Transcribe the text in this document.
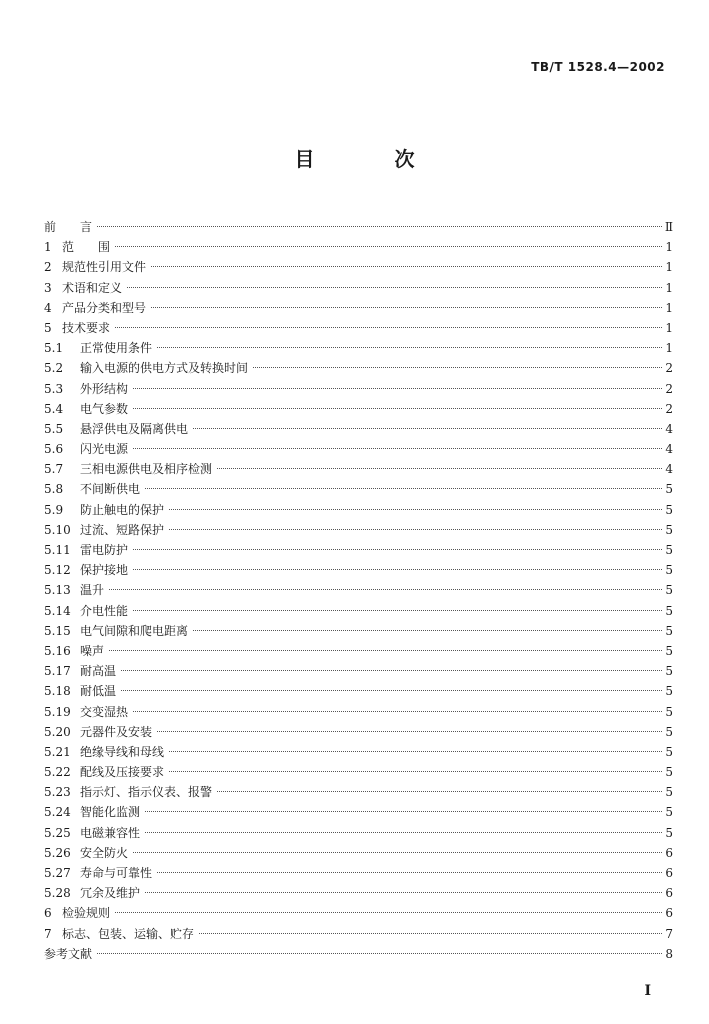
TB/T 1528.4—2002
目　次
前　　言	Ⅱ
1 范　　围	1
2 规范性引用文件	1
3 术语和定义	1
4 产品分类和型号	1
5 技术要求	1
5.1	正常使用条件	1
5.2	输入电源的供电方式及转换时间	2
5.3	外形结构	2
5.4	电气参数	2
5.5	悬浮供电及隔离供电	4
5.6	闪光电源	4
5.7	三相电源供电及相序检测	4
5.8	不间断供电	5
5.9	防止触电的保护	5
5.10 过流、短路保护	5
5.11 雷电防护	5
5.12 保护接地	5
5.13 温升	5
5.14 介电性能	5
5.15 电气间隙和爬电距离	5
5.16 噪声	5
5.17 耐高温	5
5.18 耐低温	5
5.19 交变湿热	5
5.20 元器件及安装	5
5.21 绝缘导线和母线	5
5.22 配线及压接要求	5
5.23 指示灯、指示仪表、报警	5
5.24 智能化监测	5
5.25 电磁兼容性	5
5.26 安全防火	6
5.27 寿命与可靠性	6
5.28 冗余及维护	6
6 检验规则	6
7 标志、包装、运输、贮存	7
参考文献	8
Ⅰ
